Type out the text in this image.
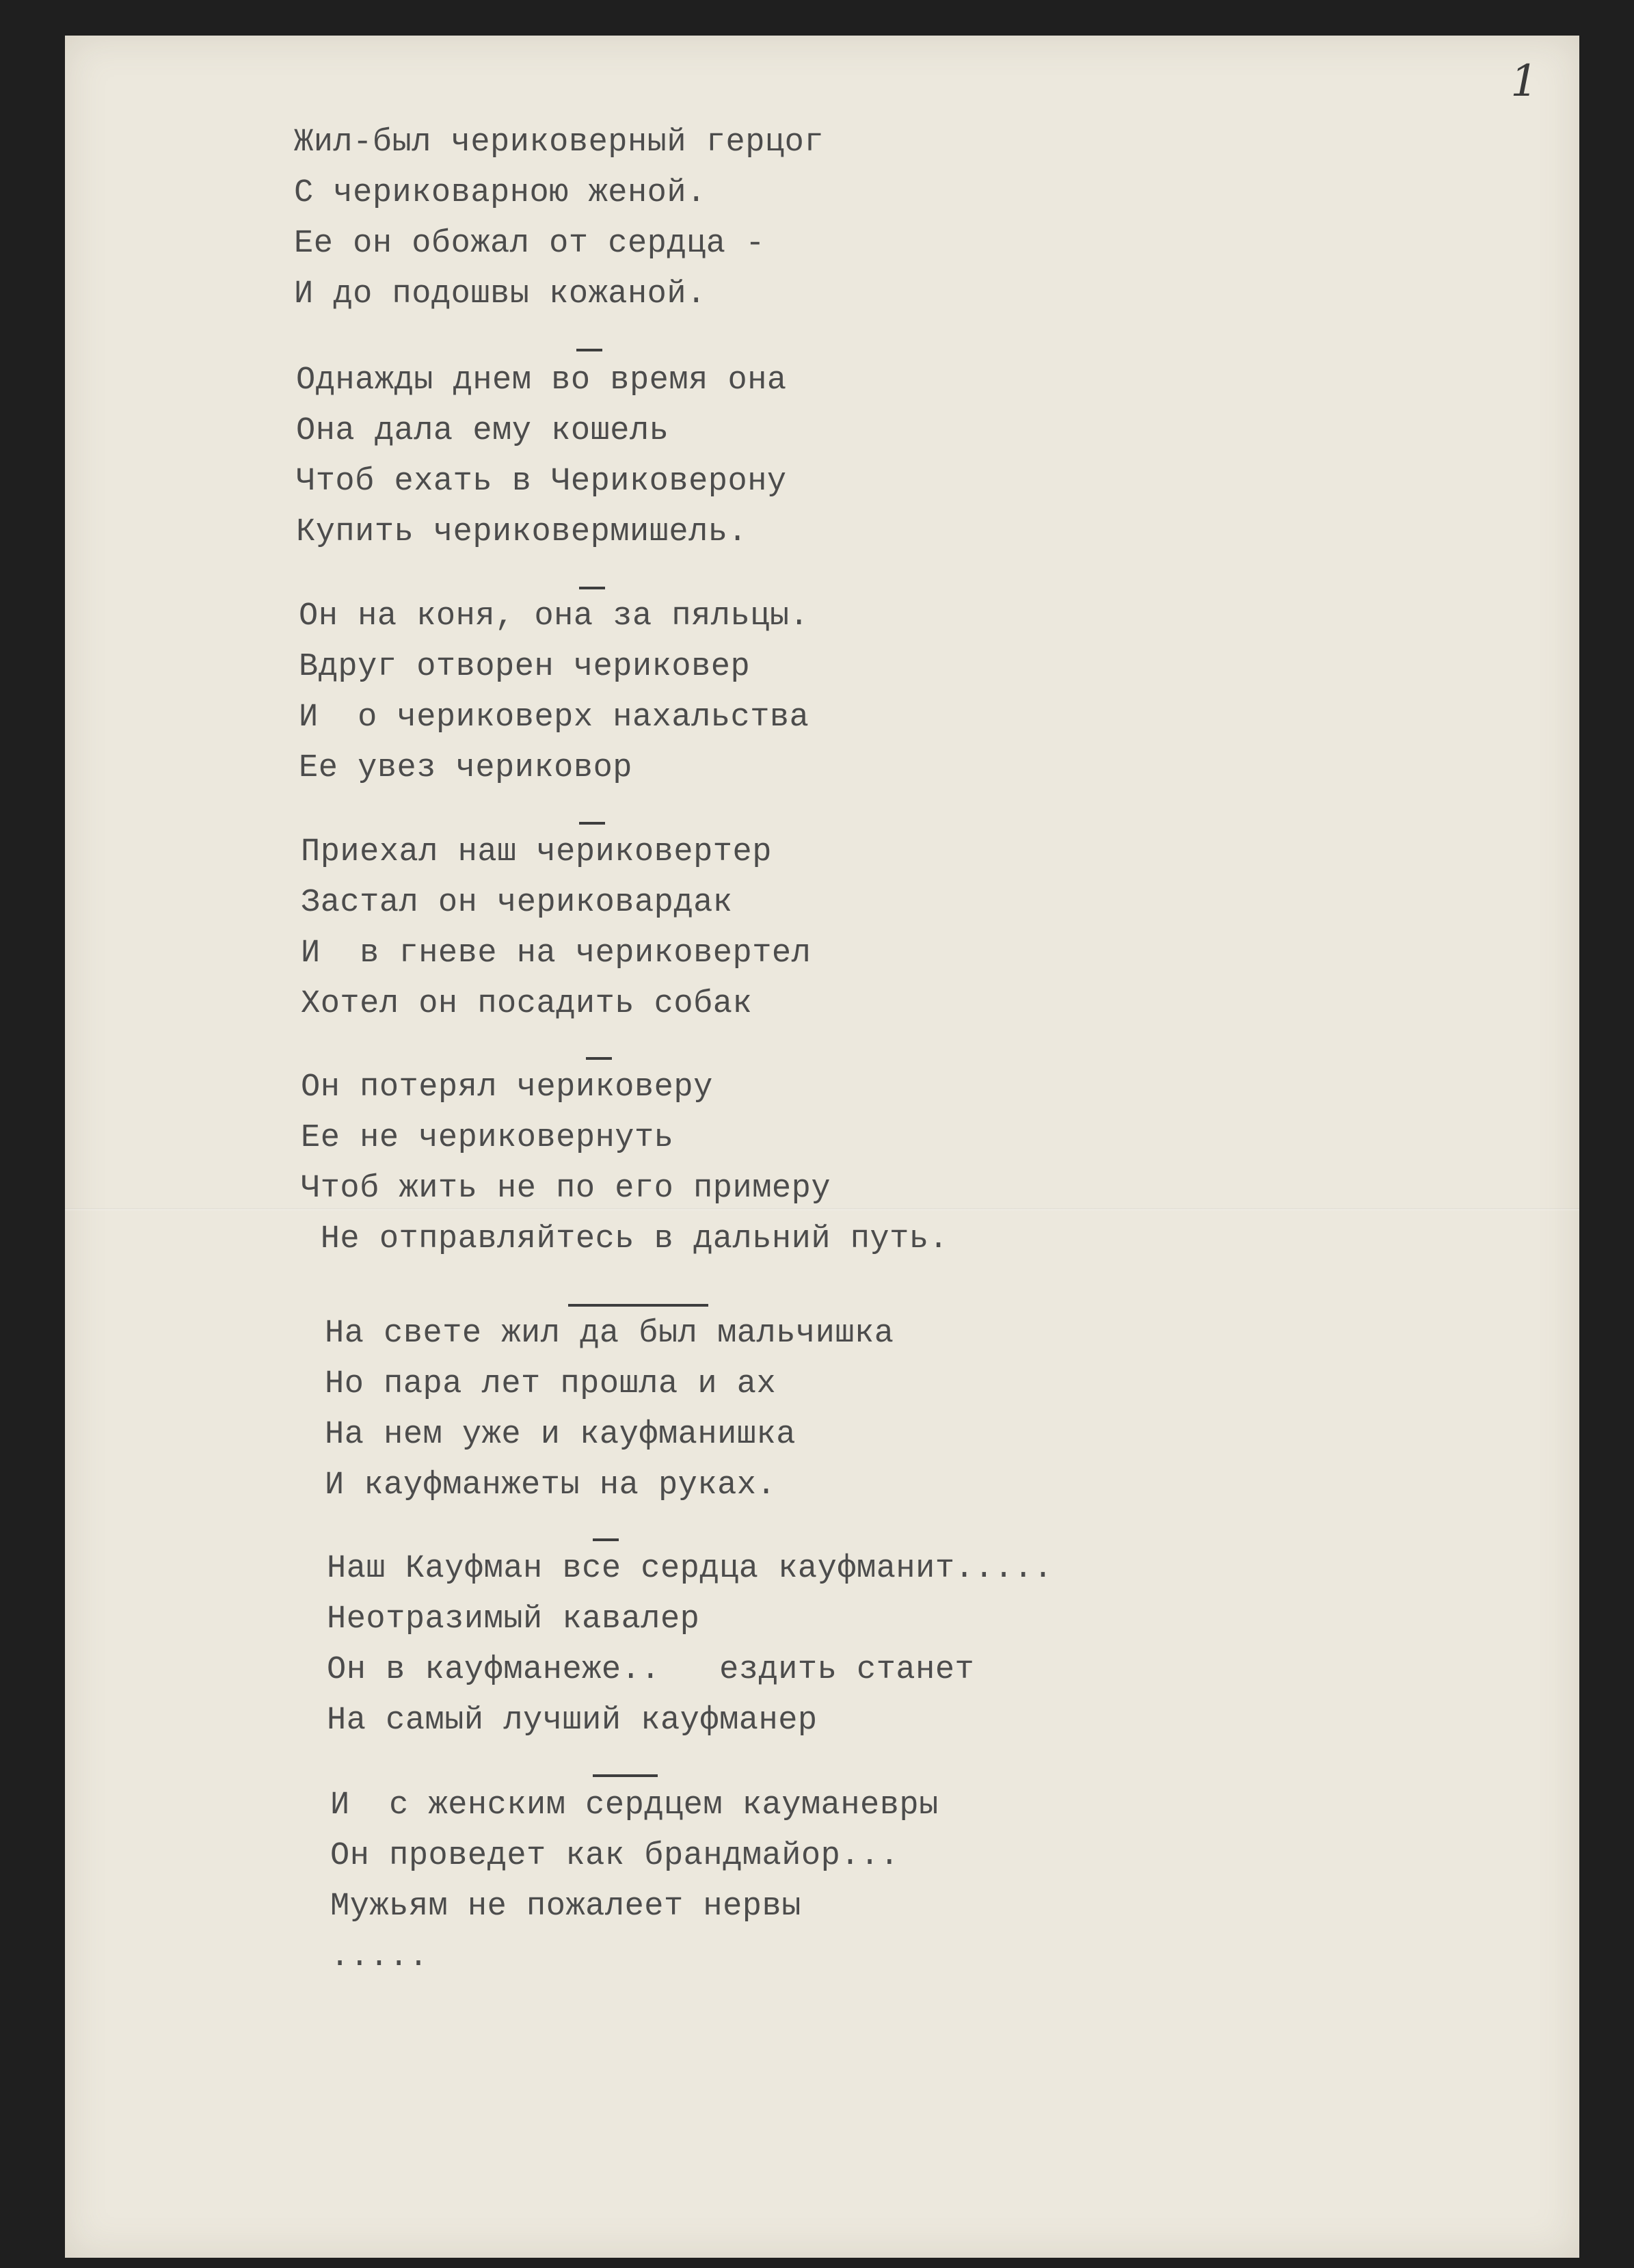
1
Жил-был чериковерный герцог
С чериковарною женой.
Ее он обожал от сердца -
И до подошвы кожаной.
Однажды днем во время она
Она дала ему кошель
Чтоб ехать в Чериковерону
Купить чериковермишель.
Он на коня, она за пяльцы.
Вдруг отворен чериковер
И  о чериковерх нахальства
Ее увез чериковор
Приехал наш чериковертер
Застал он чериковардак
И  в гневе на чериковертел
Хотел он посадить собак
Он потерял чериковеру
Ее не чериковернуть
Чтоб жить не по его примеру
Не отправляйтесь в дальний путь.
На свете жил да был мальчишка
Но пара лет прошла и ах
На нем уже и кауфманишка
И кауфманжеты на руках.
Наш Кауфман все сердца кауфманит.....
Неотразимый кавалер
Он в кауфманеже..   ездить станет
На самый лучший кауфманер
И  с женским сердцем кауманевры
Он проведет как брандмайор...
Мужьям не пожалеет нервы
.....
